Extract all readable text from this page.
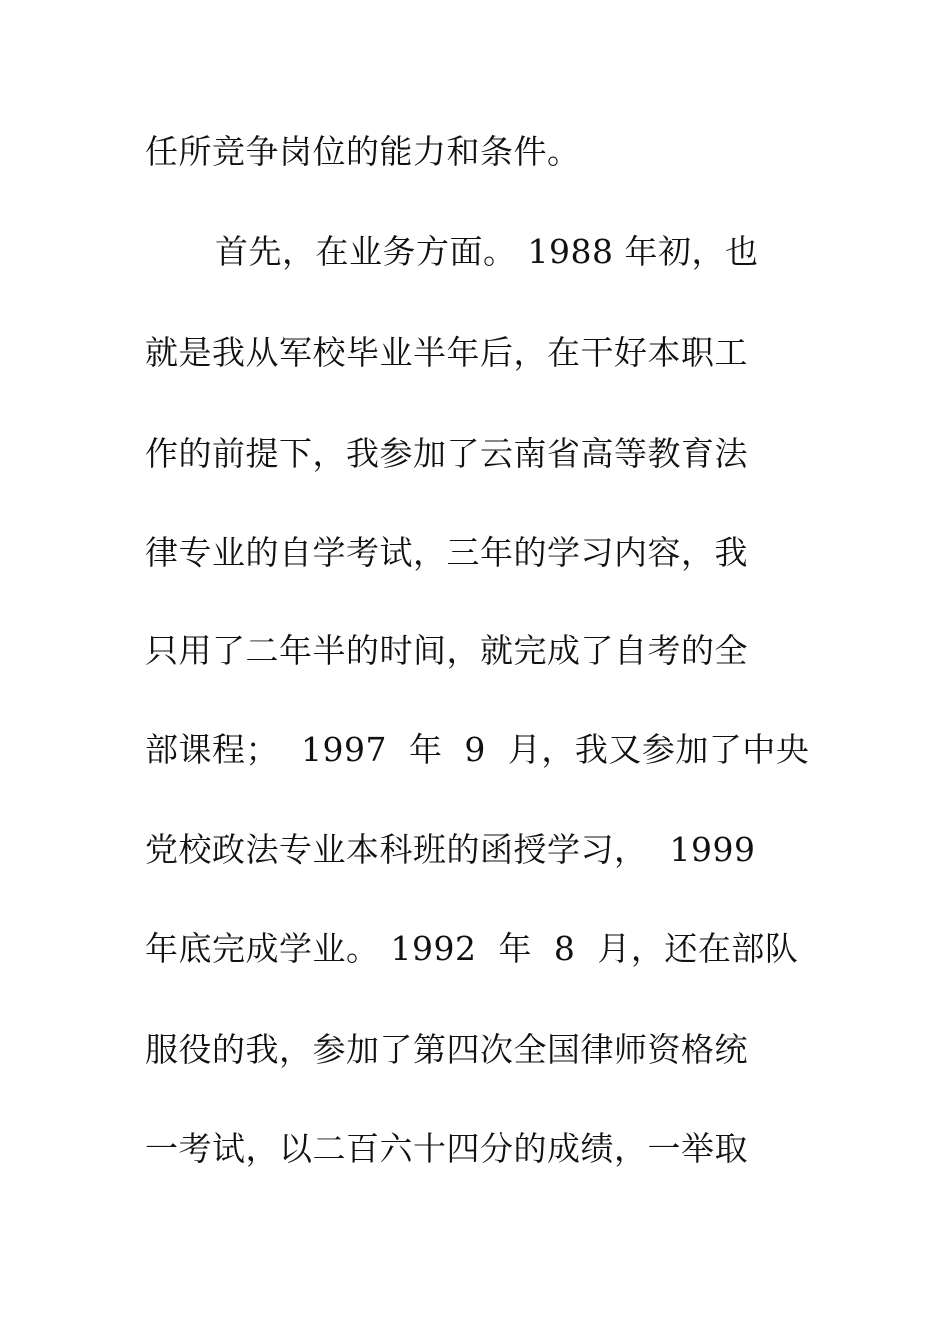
任所竞争岗位的能力和条件。
首先，在业务方面。 1988 年初，也
就是我从军校毕业半年后，在干好本职工
作的前提下，我参加了云南省高等教育法
律专业的自学考试，三年的学习内容，我
只用了二年半的时间，就完成了自考的全
部课程；  1997  年  9  月，我又参加了中央
党校政法专业本科班的函授学习，  1999
年底完成学业。 1992  年  8  月，还在部队
服役的我，参加了第四次全国律师资格统
一考试，以二百六十四分的成绩，一举取
